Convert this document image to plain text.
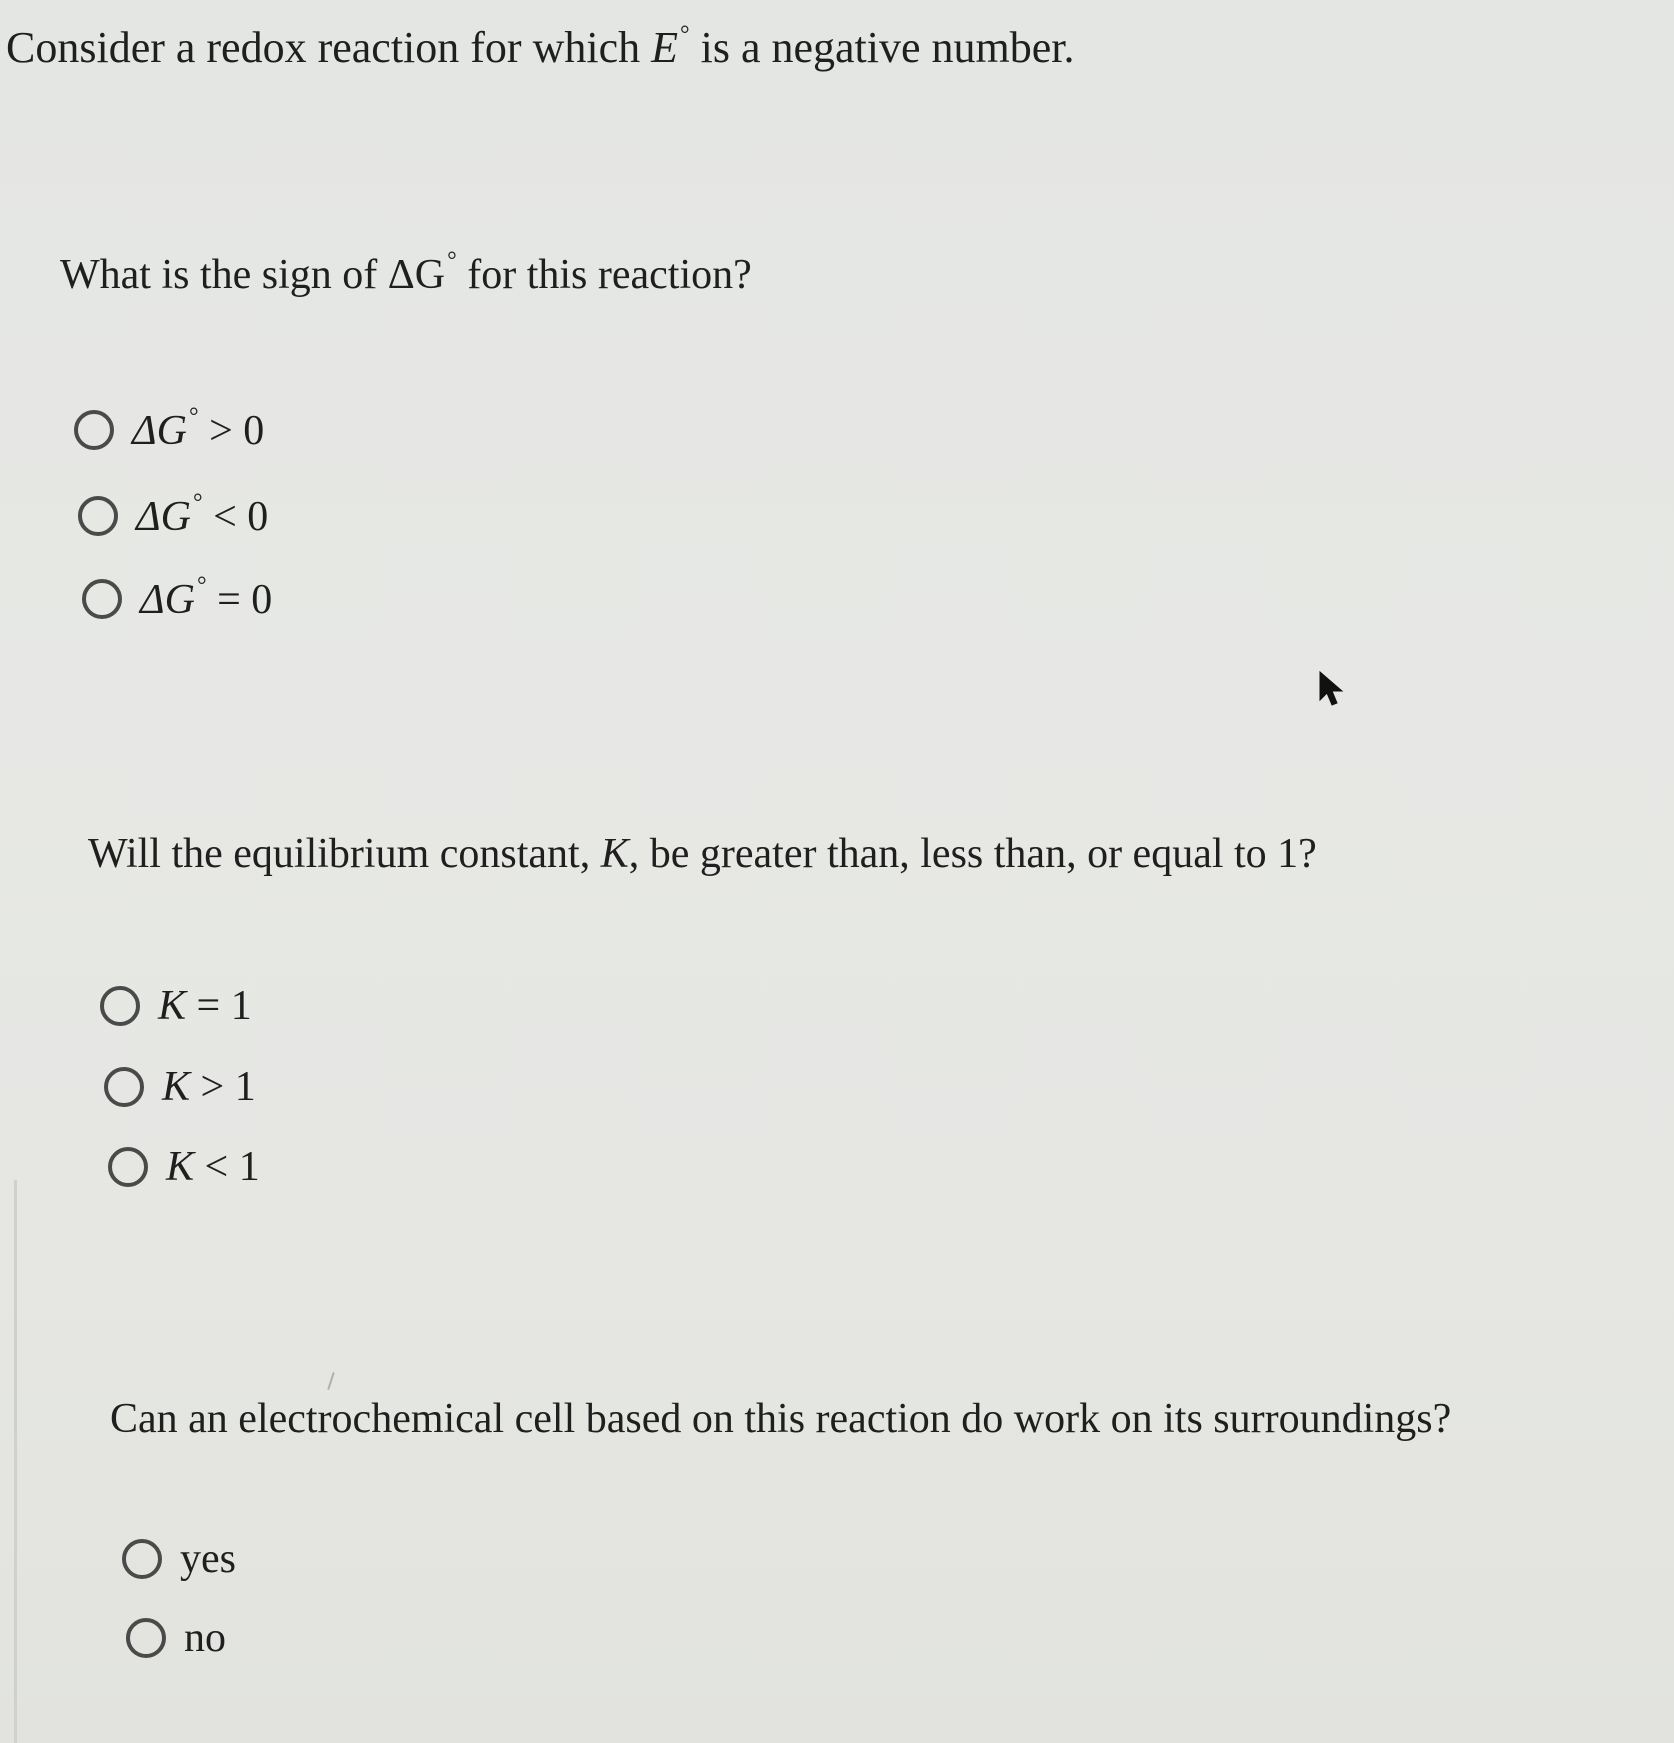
Consider a redox reaction for which E° is a negative number.
What is the sign of ΔG° for this reaction?
ΔG° > 0
ΔG° < 0
ΔG° = 0
Will the equilibrium constant, K, be greater than, less than, or equal to 1?
K = 1
K > 1
K < 1
Can an electrochemical cell based on this reaction do work on its surroundings?
yes
no
